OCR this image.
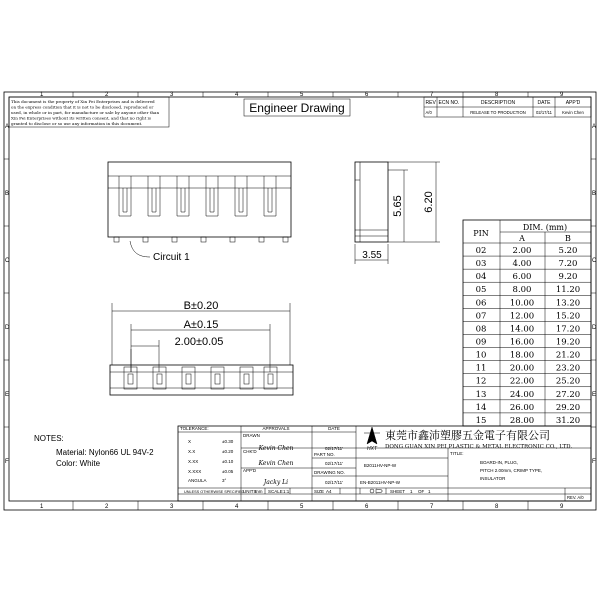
1	2	3	4	5	6	7	8	9
1	2	3	4	5	6	7	8	9
A
B
C
D
E
F
A
B
C
D
E
F
This document is the property of Xin Fei Enterprises and is delivered
on the express condition that it is not to be disclosed, reproduced or
used, in whole or in part, for manufacture or sale by anyone other than
Xin Fei Enterprises without its written consent, and that no right is
granted to disclose or so use any information in this document.
Engineer Drawing	REV ECN NO.	DESCRIPTION	DATE	APP'D
A/0	RELEASE TO PRODUCTION 02/17/11 Kevin Chen
Circuit 1
5.65 6.20
3.55
B±0.20
A±0.15
2.00±0.05
DIM. (mm)
PIN
A	B
02	2.00	5.20
03	4.00	7.20
04	6.00	9.20
05	8.00	11.20
06	10.00	13.20
07	12.00	15.20
08	14.00	17.20
09	16.00	19.20
10	18.00	21.20
11	20.00	23.20
12	22.00	25.20
13	24.00	27.20
14	26.00	29.20
15	28.00	31.20
NOTES:
Material: Nylon66 UL 94V-2
Color: White
TOLERANCE:
X	±0.30
X.X	±0.20
X.XX	±0.10
X.XXX	±0.05
ANGULA	3°
UNLESS OTHERWISE SPECIFIED
APPROVALS	DATE
DRAWN
CHK'D
APP'D
02/17/11'
02/17/11'
02/17/11'
PART NO.
B2011HV-NP-W
DRAWING NO.
EN-B2011HV-NP-W
TITLE:
BOARD-IN, PLUG,
PITCH 2.00mm, CRIMP TYPE,
INSULATOR
UNITS
mm SCALE 1:1	SIZE A4	SHEET 1 OF 1
REV. A/0
Kevin Chen
Kevin Chen
Jacky Li
HXT
東莞市鑫沛塑膠五金電子有限公司
DONG GUAN XIN PEI PLASTIC & METAL ELECTRONIC CO., LTD.
